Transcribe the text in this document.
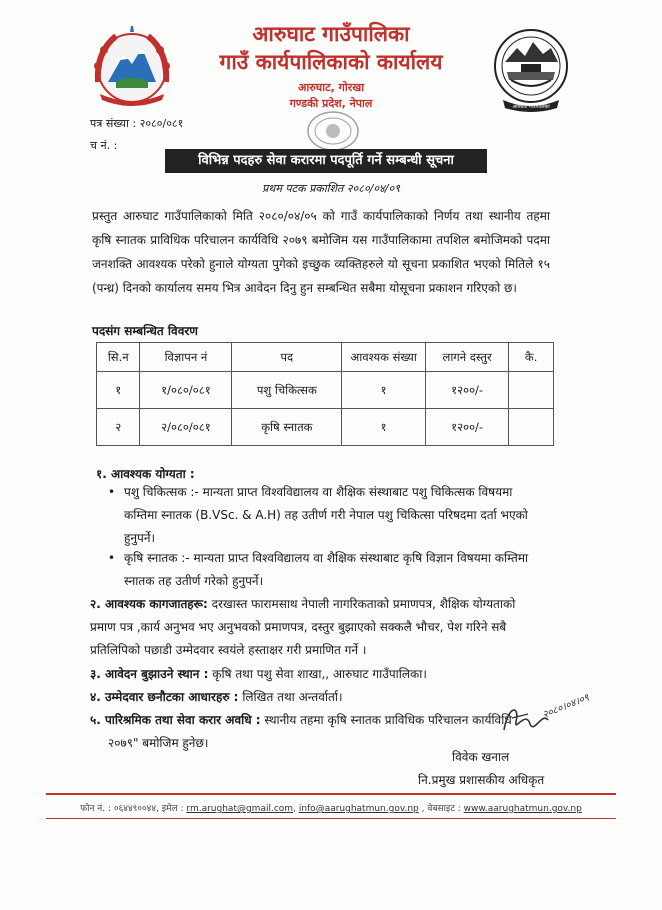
आरुघाट गाउँपालिका
आरुघाट गाउँपालिका
गाउँ कार्यपालिकाको कार्यालय
आरुघाट, गोरखा
गण्डकी प्रदेश, नेपाल
पत्र संख्या : २०८०/०८१
च नं. :
विभिन्न पदहरु सेवा करारमा पदपूर्ति गर्ने सम्बन्धी सूचना
प्रथम पटक प्रकाशित २०८०/०४/०९
प्रस्तुत आरुघाट गाउँपालिकाको मिति २०८०/०४/०५ को गाउँ कार्यपालिकाको निर्णय तथा स्थानीय तहमा कृषि स्नातक प्राविधिक परिचालन कार्यविधि २०७९ बमोजिम यस गाउँपालिकामा तपशिल बमोजिमको पदमा जनशक्ति आवश्यक परेको हुनाले योग्यता पुगेको इच्छुक व्यक्तिहरुले यो सूचना प्रकाशित भएको मितिले १५ (पन्ध्र) दिनको कार्यालय समय भित्र आवेदन दिनु हुन सम्बन्धित सबैमा योसूचना प्रकाशन गरिएको छ।
पदसंग सम्बन्धित विवरण
सि.न	विज्ञापन नं	पद	आवश्यक संख्या	लागने दस्तुर	कै.
१	१/०८०/०८१	पशु चिकित्सक	१	१२००/-	
२	२/०८०/०८१	कृषि स्नातक	१	१२००/-	
१. आवश्यक योग्यता :
• पशु चिकित्सक :- मान्यता प्राप्त विश्वविद्यालय वा शैक्षिक संस्थाबाट पशु चिकित्सक विषयमा
कम्तिमा स्नातक (B.VSc. & A.H) तह उतीर्ण गरी नेपाल पशु चिकित्सा परिषदमा दर्ता भएको
हुनुपर्ने।
• कृषि स्नातक :- मान्यता प्राप्त विश्वविद्यालय वा शैक्षिक संस्थाबाट कृषि विज्ञान विषयमा कम्तिमा
स्नातक तह उतीर्ण गरेको हुनुपर्ने।
२. आवश्यक कागजातहरू: दरखास्त फारामसाथ नेपाली नागरिकताको प्रमाणपत्र, शैक्षिक योग्यताको
प्रमाण पत्र ,कार्य अनुभव भए अनुभवको प्रमाणपत्र, दस्तुर बुझाएको सक्कलै भौचर, पेश गरिने सबै
प्रतिलिपिको पछाडी उम्मेदवार स्वयंले हस्ताक्षर गरी प्रमाणित गर्ने ।
३. आवेदन बुझाउने स्थान : कृषि तथा पशु सेवा शाखा,, आरुघाट गाउँपालिका।
४. उम्मेदवार छनौटका आधारहरु : लिखित तथा अन्तर्वार्ता।
५. पारिश्रमिक तथा सेवा करार अवधि : स्थानीय तहमा कृषि स्नातक प्राविधिक परिचालन कार्यविधि
२०७९" बमोजिम हुनेछ।
२०८०।०४।०९
विवेक खनाल
नि.प्रमुख प्रशासकीय अधिकृत
फोन नं. : ०६४४९००४४, इमेल : rm.arughat@gmail.com, info@aarughatmun.gov.np , वेबसाइट : www.aarughatmun.gov.np
